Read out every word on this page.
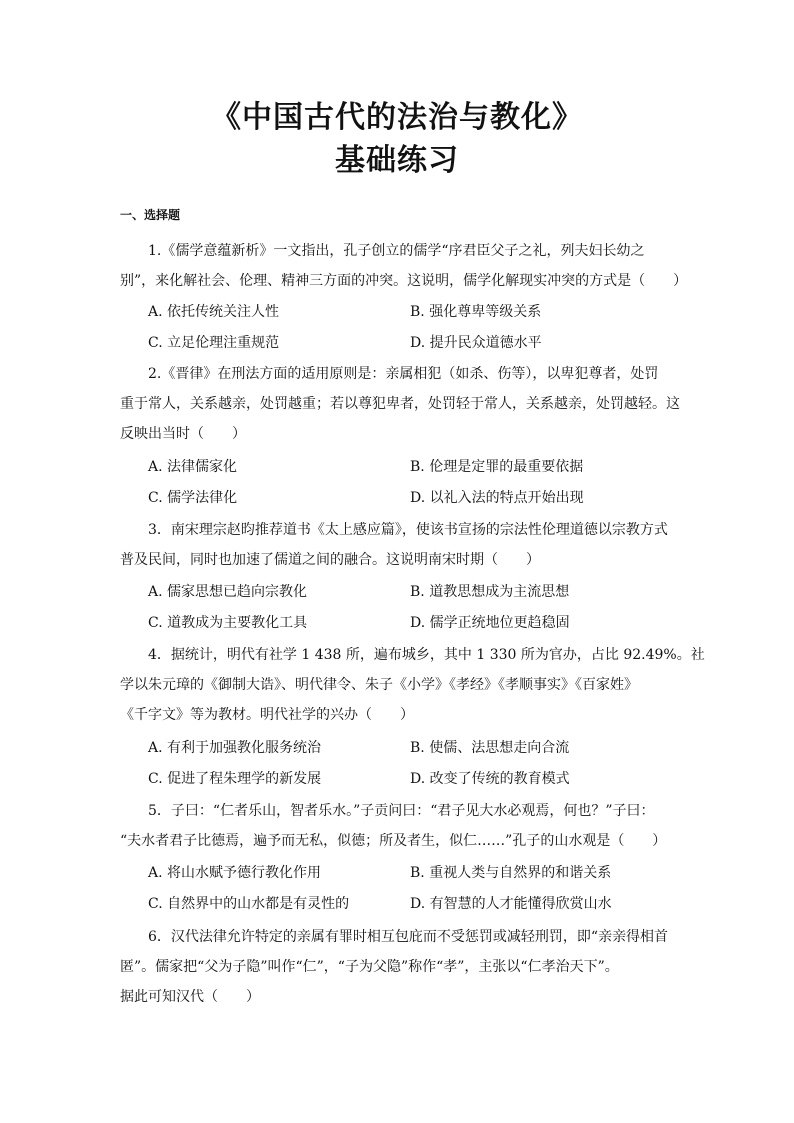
《中国古代的法治与教化》
基础练习
一、选择题
1.《儒学意蕴新析》一文指出，孔子创立的儒学“序君臣父子之礼，列夫妇长幼之
别”，来化解社会、伦理、精神三方面的冲突。这说明，儒学化解现实冲突的方式是（　　）
A. 依托传统关注人性	B. 强化尊卑等级关系
C. 立足伦理注重规范	D. 提升民众道德水平
2.《晋律》在刑法方面的适用原则是：亲属相犯（如杀、伤等），以卑犯尊者，处罚
重于常人，关系越亲，处罚越重；若以尊犯卑者，处罚轻于常人，关系越亲，处罚越轻。这
反映出当时（　　）
A. 法律儒家化	B. 伦理是定罪的最重要依据
C. 儒学法律化	D. 以礼入法的特点开始出现
3．南宋理宗赵昀推荐道书《太上感应篇》，使该书宣扬的宗法性伦理道德以宗教方式
普及民间，同时也加速了儒道之间的融合。这说明南宋时期（　　）
A. 儒家思想已趋向宗教化	B. 道教思想成为主流思想
C. 道教成为主要教化工具	D. 儒学正统地位更趋稳固
4．据统计，明代有社学 1 438 所，遍布城乡，其中 1 330 所为官办，占比 92.49%。社
学以朱元璋的《御制大诰》、明代律令、朱子《小学》《孝经》《孝顺事实》《百家姓》
《千字文》等为教材。明代社学的兴办（　　）
A. 有利于加强教化服务统治	B. 使儒、法思想走向合流
C. 促进了程朱理学的新发展	D. 改变了传统的教育模式
5．子曰：“仁者乐山，智者乐水。”子贡问曰：“君子见大水必观焉，何也？”子曰：
“夫水者君子比德焉，遍予而无私，似德；所及者生，似仁……”孔子的山水观是（　　）
A. 将山水赋予德行教化作用	B. 重视人类与自然界的和谐关系
C. 自然界中的山水都是有灵性的	D. 有智慧的人才能懂得欣赏山水
6．汉代法律允许特定的亲属有罪时相互包庇而不受惩罚或减轻刑罚，即“亲亲得相首
匿”。儒家把“父为子隐”叫作“仁”，“子为父隐”称作“孝”，主张以“仁孝治天下”。
据此可知汉代（　　）
